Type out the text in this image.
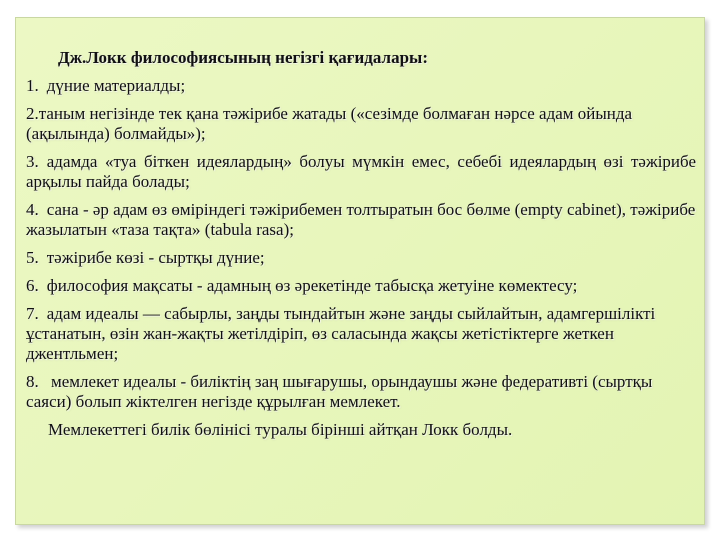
Дж.Локк философиясының негізгі қағидалары:
1. дүние материалды;
2.таным негізінде тек қана тәжірибе жатады («сезімде болмаған нәрсе адам ойында (ақылында) болмайды»);
3. адамда «туа біткен идеялардың» болуы мүмкін емес, себебі идеялардың өзі тәжірибе арқылы пайда болады;
4. сана - әр адам өз өміріндегі тәжірибемен толтыратын бос бөлме (empty cabinet), тәжірибе жазылатын «таза тақта» (tabula rasa);
5. тәжірибе көзі - сыртқы дүние;
6. философия мақсаты - адамның өз әрекетінде табысқа жетуіне көмектесу;
7. адам идеалы — сабырлы, заңды тындайтын және заңды сыйлайтын, адамгершілікті ұстанатын, өзін жан-жақты жетілдіріп, өз саласында жақсы жетістіктерге жеткен джентльмен;
8. мемлекет идеалы - биліктің заң шығарушы, орындаушы және федеративті (сыртқы саяси) болып жіктелген негізде құрылған мемлекет.
Мемлекеттегі билік бөлінісі туралы бірінші айтқан Локк болды.
